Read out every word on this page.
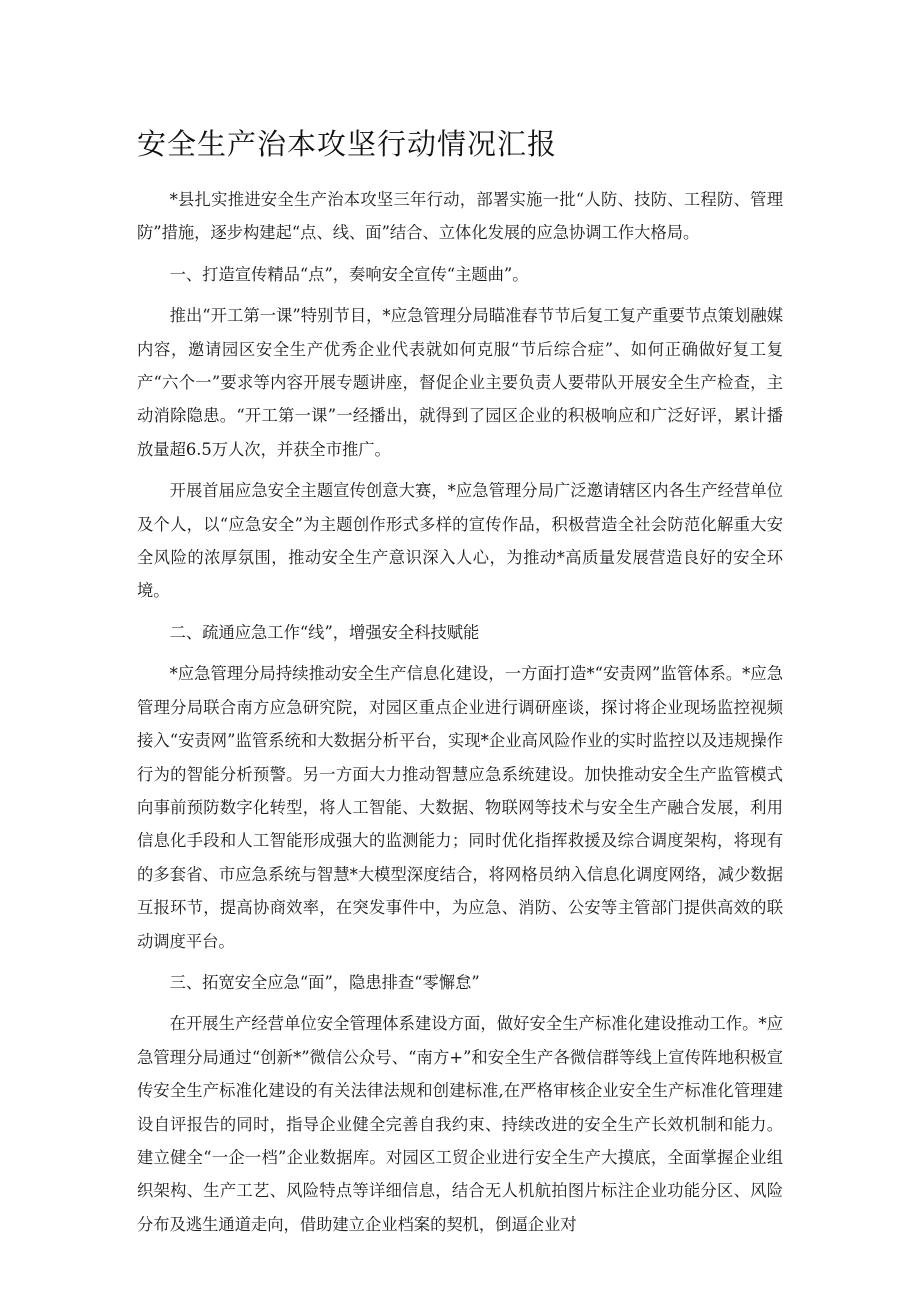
安全生产治本攻坚行动情况汇报

*县扎实推进安全生产治本攻坚三年行动，部署实施一批“人防、技防、工程防、管理防”措施，逐步构建起“点、线、面”结合、立体化发展的应急协调工作大格局。

一、打造宣传精品“点”，奏响安全宣传“主题曲”。

推出“开工第一课”特别节目，*应急管理分局瞄准春节节后复工复产重要节点策划融媒内容，邀请园区安全生产优秀企业代表就如何克服“节后综合症”、如何正确做好复工复产“六个一”要求等内容开展专题讲座，督促企业主要负责人要带队开展安全生产检查，主动消除隐患。“开工第一课”一经播出，就得到了园区企业的积极响应和广泛好评，累计播放量超6.5万人次，并获全市推广。

开展首届应急安全主题宣传创意大赛，*应急管理分局广泛邀请辖区内各生产经营单位及个人，以“应急安全”为主题创作形式多样的宣传作品，积极营造全社会防范化解重大安全风险的浓厚氛围，推动安全生产意识深入人心，为推动*高质量发展营造良好的安全环境。

二、疏通应急工作“线”，增强安全科技赋能

*应急管理分局持续推动安全生产信息化建设，一方面打造*“安责网”监管体系。*应急管理分局联合南方应急研究院，对园区重点企业进行调研座谈，探讨将企业现场监控视频接入“安责网”监管系统和大数据分析平台，实现*企业高风险作业的实时监控以及违规操作行为的智能分析预警。另一方面大力推动智慧应急系统建设。加快推动安全生产监管模式向事前预防数字化转型，将人工智能、大数据、物联网等技术与安全生产融合发展，利用信息化手段和人工智能形成强大的监测能力；同时优化指挥救援及综合调度架构，将现有的多套省、市应急系统与智慧*大模型深度结合，将网格员纳入信息化调度网络，减少数据互报环节，提高协商效率，在突发事件中，为应急、消防、公安等主管部门提供高效的联动调度平台。

三、拓宽安全应急“面”，隐患排查“零懈怠”

在开展生产经营单位安全管理体系建设方面，做好安全生产标准化建设推动工作。*应急管理分局通过“创新*”微信公众号、“南方+”和安全生产各微信群等线上宣传阵地积极宣传安全生产标准化建设的有关法律法规和创建标准,在严格审核企业安全生产标准化管理建设自评报告的同时，指导企业健全完善自我约束、持续改进的安全生产长效机制和能力。建立健全“一企一档”企业数据库。对园区工贸企业进行安全生产大摸底，全面掌握企业组织架构、生产工艺、风险特点等详细信息，结合无人机航拍图片标注企业功能分区、风险分布及逃生通道走向，借助建立企业档案的契机，倒逼企业对
